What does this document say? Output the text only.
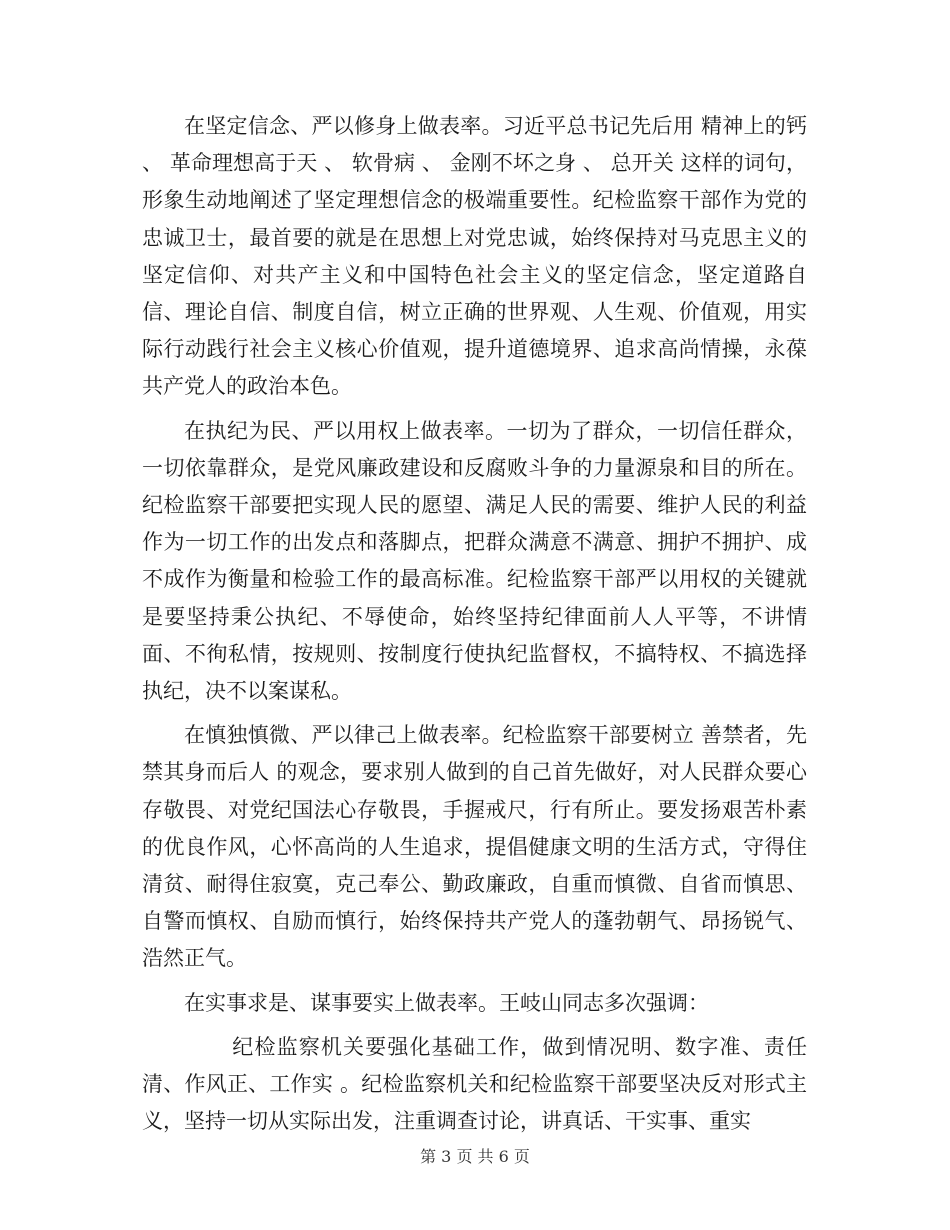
在坚定信念、严以修身上做表率。习近平总书记先后用 精神上的钙 、 革命理想高于天 、 软骨病 、 金刚不坏之身 、 总开关 这样的词句，形象生动地阐述了坚定理想信念的极端重要性。纪检监察干部作为党的忠诚卫士，最首要的就是在思想上对党忠诚，始终保持对马克思主义的坚定信仰、对共产主义和中国特色社会主义的坚定信念，坚定道路自信、理论自信、制度自信，树立正确的世界观、人生观、价值观，用实际行动践行社会主义核心价值观，提升道德境界、追求高尚情操，永葆共产党人的政治本色。

在执纪为民、严以用权上做表率。一切为了群众，一切信任群众，一切依靠群众，是党风廉政建设和反腐败斗争的力量源泉和目的所在。纪检监察干部要把实现人民的愿望、满足人民的需要、维护人民的利益作为一切工作的出发点和落脚点，把群众满意不满意、拥护不拥护、成不成作为衡量和检验工作的最高标准。纪检监察干部严以用权的关键就是要坚持秉公执纪、不辱使命，始终坚持纪律面前人人平等，不讲情面、不徇私情，按规则、按制度行使执纪监督权，不搞特权、不搞选择执纪，决不以案谋私。

在慎独慎微、严以律己上做表率。纪检监察干部要树立 善禁者，先禁其身而后人 的观念，要求别人做到的自己首先做好，对人民群众要心存敬畏、对党纪国法心存敬畏，手握戒尺，行有所止。要发扬艰苦朴素的优良作风，心怀高尚的人生追求，提倡健康文明的生活方式，守得住清贫、耐得住寂寞，克己奉公、勤政廉政，自重而慎微、自省而慎思、自警而慎权、自励而慎行，始终保持共产党人的蓬勃朝气、昂扬锐气、浩然正气。

在实事求是、谋事要实上做表率。王岐山同志多次强调：

纪检监察机关要强化基础工作，做到情况明、数字准、责任清、作风正、工作实 。纪检监察机关和纪检监察干部要坚决反对形式主义，坚持一切从实际出发，注重调查讨论，讲真话、干实事、重实

第 3 页 共 6 页
